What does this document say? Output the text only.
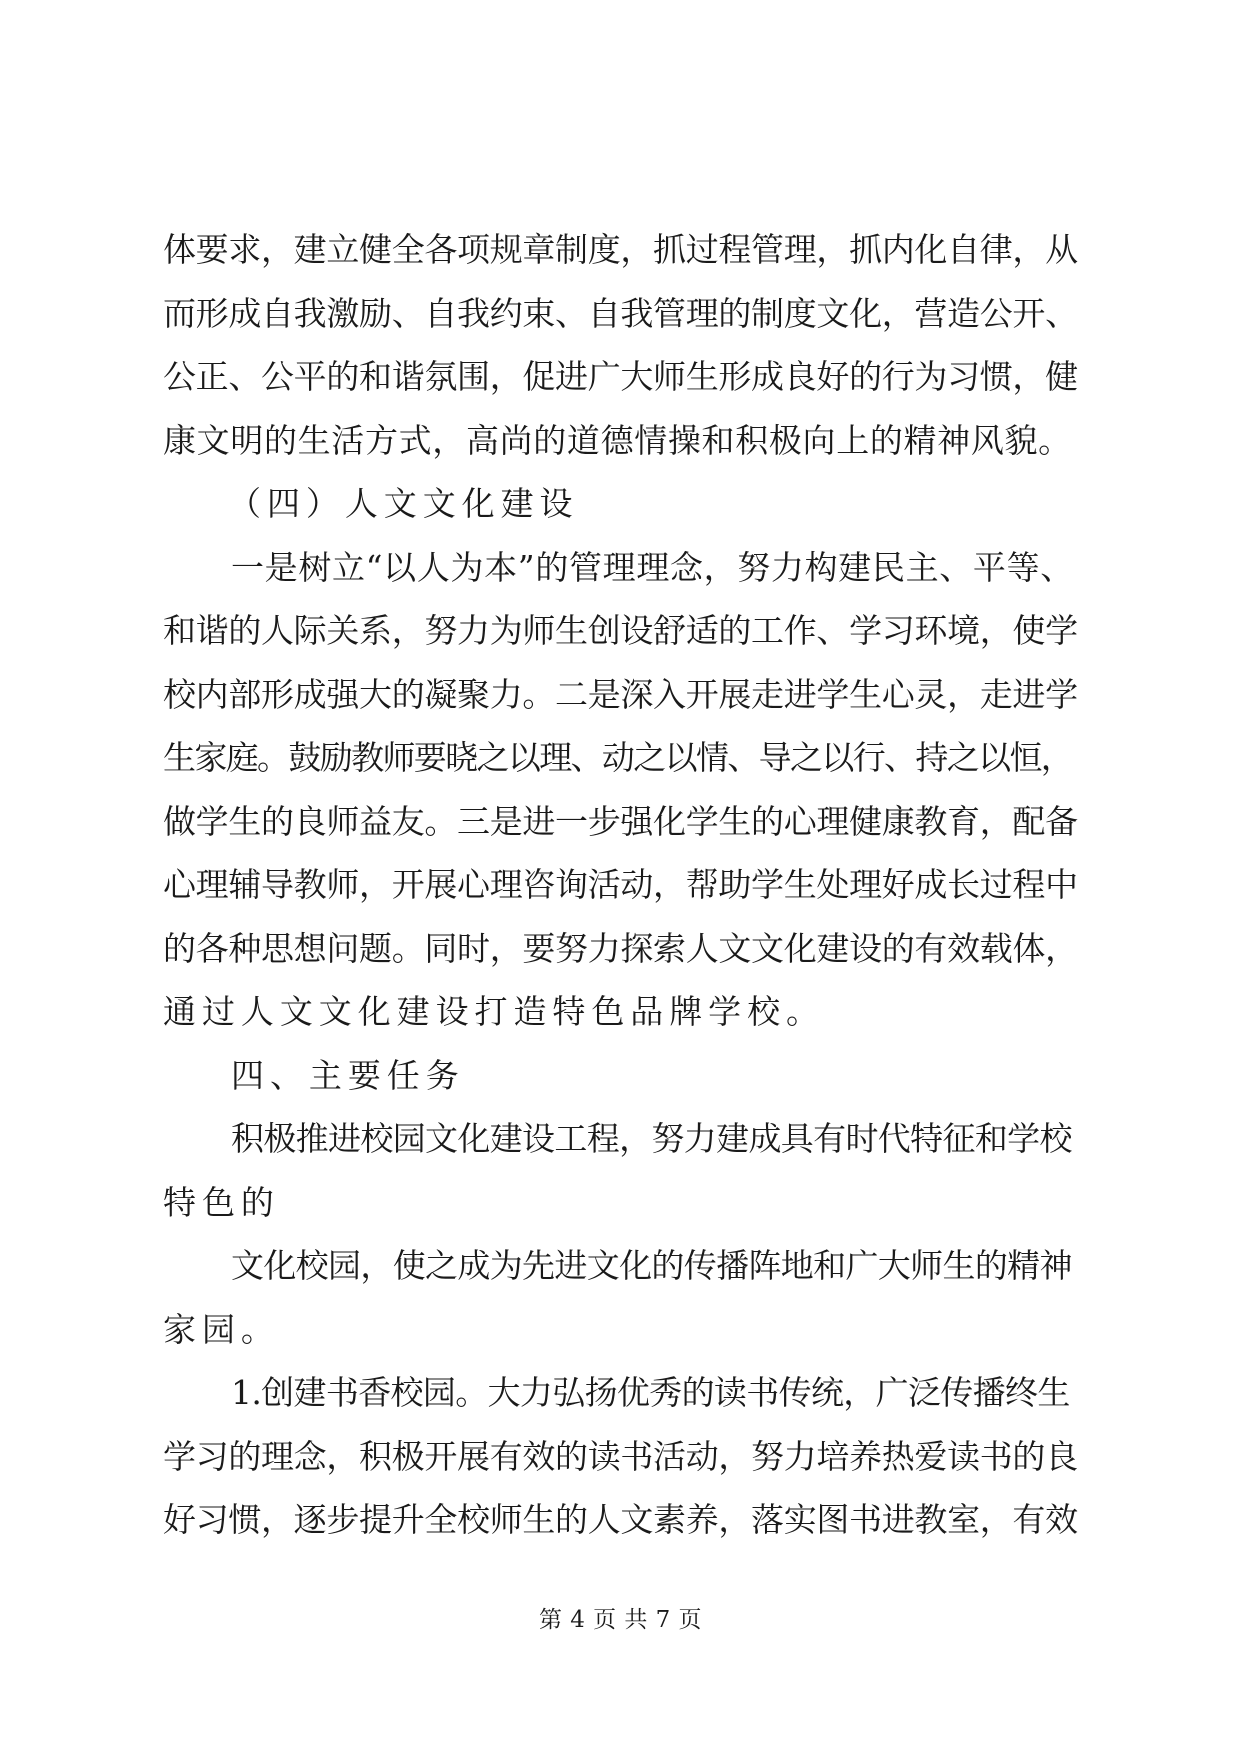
体要求，建立健全各项规章制度，抓过程管理，抓内化自律，从
而形成自我激励、自我约束、自我管理的制度文化，营造公开、
公正、公平的和谐氛围，促进广大师生形成良好的行为习惯，健
康文明的生活方式，高尚的道德情操和积极向上的精神风貌。
（四）人文文化建设
一是树立“以人为本”的管理理念，努力构建民主、平等、
和谐的人际关系，努力为师生创设舒适的工作、学习环境，使学
校内部形成强大的凝聚力。二是深入开展走进学生心灵，走进学
生家庭。鼓励教师要晓之以理、动之以情、导之以行、持之以恒，
做学生的良师益友。三是进一步强化学生的心理健康教育，配备
心理辅导教师，开展心理咨询活动，帮助学生处理好成长过程中
的各种思想问题。同时，要努力探索人文文化建设的有效载体，
通过人文文化建设打造特色品牌学校。
四、主要任务
积极推进校园文化建设工程，努力建成具有时代特征和学校
特色的
文化校园，使之成为先进文化的传播阵地和广大师生的精神
家园。
1.创建书香校园。大力弘扬优秀的读书传统，广泛传播终生
学习的理念，积极开展有效的读书活动，努力培养热爱读书的良
好习惯，逐步提升全校师生的人文素养，落实图书进教室，有效
第 4 页 共 7 页
